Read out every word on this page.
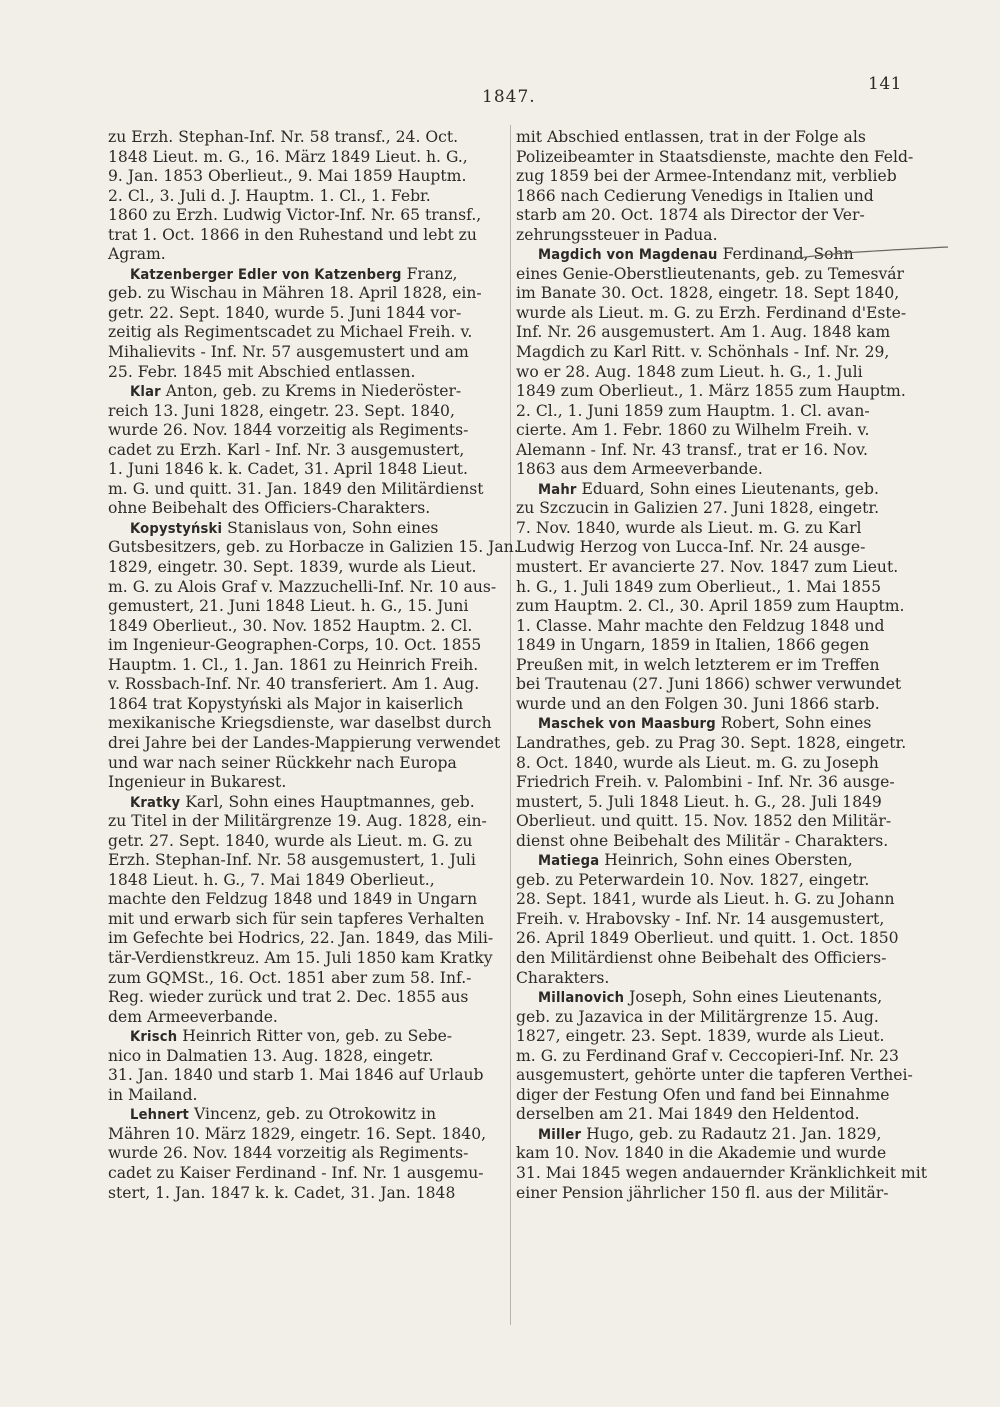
141
1847.
zu Erzh. Stephan-Inf. Nr. 58 transf., 24. Oct.
1848 Lieut. m. G., 16. März 1849 Lieut. h. G.,
9. Jan. 1853 Oberlieut., 9. Mai 1859 Hauptm.
2. Cl., 3. Juli d. J. Hauptm. 1. Cl., 1. Febr.
1860 zu Erzh. Ludwig Victor-Inf. Nr. 65 transf.,
trat 1. Oct. 1866 in den Ruhestand und lebt zu
Agram.
Katzenberger Edler von Katzenberg Franz,
geb. zu Wischau in Mähren 18. April 1828, ein-
getr. 22. Sept. 1840, wurde 5. Juni 1844 vor-
zeitig als Regimentscadet zu Michael Freih. v.
Mihalievits - Inf. Nr. 57 ausgemustert und am
25. Febr. 1845 mit Abschied entlassen.
Klar Anton, geb. zu Krems in Niederöster-
reich 13. Juni 1828, eingetr. 23. Sept. 1840,
wurde 26. Nov. 1844 vorzeitig als Regiments-
cadet zu Erzh. Karl - Inf. Nr. 3 ausgemustert,
1. Juni 1846 k. k. Cadet, 31. April 1848 Lieut.
m. G. und quitt. 31. Jan. 1849 den Militärdienst
ohne Beibehalt des Officiers-Charakters.
Kopystyński Stanislaus von, Sohn eines
Gutsbesitzers, geb. zu Horbacze in Galizien 15. Jan.
1829, eingetr. 30. Sept. 1839, wurde als Lieut.
m. G. zu Alois Graf v. Mazzuchelli-Inf. Nr. 10 aus-
gemustert, 21. Juni 1848 Lieut. h. G., 15. Juni
1849 Oberlieut., 30. Nov. 1852 Hauptm. 2. Cl.
im Ingenieur-Geographen-Corps, 10. Oct. 1855
Hauptm. 1. Cl., 1. Jan. 1861 zu Heinrich Freih.
v. Rossbach-Inf. Nr. 40 transferiert. Am 1. Aug.
1864 trat Kopystyński als Major in kaiserlich
mexikanische Kriegsdienste, war daselbst durch
drei Jahre bei der Landes-Mappierung verwendet
und war nach seiner Rückkehr nach Europa
Ingenieur in Bukarest.
Kratky Karl, Sohn eines Hauptmannes, geb.
zu Titel in der Militärgrenze 19. Aug. 1828, ein-
getr. 27. Sept. 1840, wurde als Lieut. m. G. zu
Erzh. Stephan-Inf. Nr. 58 ausgemustert, 1. Juli
1848 Lieut. h. G., 7. Mai 1849 Oberlieut.,
machte den Feldzug 1848 und 1849 in Ungarn
mit und erwarb sich für sein tapferes Verhalten
im Gefechte bei Hodrics, 22. Jan. 1849, das Mili-
tär-Verdienstkreuz. Am 15. Juli 1850 kam Kratky
zum GQMSt., 16. Oct. 1851 aber zum 58. Inf.-
Reg. wieder zurück und trat 2. Dec. 1855 aus
dem Armeeverbande.
Krisch Heinrich Ritter von, geb. zu Sebe-
nico in Dalmatien 13. Aug. 1828, eingetr.
31. Jan. 1840 und starb 1. Mai 1846 auf Urlaub
in Mailand.
Lehnert Vincenz, geb. zu Otrokowitz in
Mähren 10. März 1829, eingetr. 16. Sept. 1840,
wurde 26. Nov. 1844 vorzeitig als Regiments-
cadet zu Kaiser Ferdinand - Inf. Nr. 1 ausgemu-
stert, 1. Jan. 1847 k. k. Cadet, 31. Jan. 1848
mit Abschied entlassen, trat in der Folge als
Polizeibeamter in Staatsdienste, machte den Feld-
zug 1859 bei der Armee-Intendanz mit, verblieb
1866 nach Cedierung Venedigs in Italien und
starb am 20. Oct. 1874 als Director der Ver-
zehrungssteuer in Padua.
Magdich von Magdenau Ferdinand, Sohn
eines Genie-Oberstlieutenants, geb. zu Temesvár
im Banate 30. Oct. 1828, eingetr. 18. Sept 1840,
wurde als Lieut. m. G. zu Erzh. Ferdinand d'Este-
Inf. Nr. 26 ausgemustert. Am 1. Aug. 1848 kam
Magdich zu Karl Ritt. v. Schönhals - Inf. Nr. 29,
wo er 28. Aug. 1848 zum Lieut. h. G., 1. Juli
1849 zum Oberlieut., 1. März 1855 zum Hauptm.
2. Cl., 1. Juni 1859 zum Hauptm. 1. Cl. avan-
cierte. Am 1. Febr. 1860 zu Wilhelm Freih. v.
Alemann - Inf. Nr. 43 transf., trat er 16. Nov.
1863 aus dem Armeeverbande.
Mahr Eduard, Sohn eines Lieutenants, geb.
zu Szczucin in Galizien 27. Juni 1828, eingetr.
7. Nov. 1840, wurde als Lieut. m. G. zu Karl
Ludwig Herzog von Lucca-Inf. Nr. 24 ausge-
mustert. Er avancierte 27. Nov. 1847 zum Lieut.
h. G., 1. Juli 1849 zum Oberlieut., 1. Mai 1855
zum Hauptm. 2. Cl., 30. April 1859 zum Hauptm.
1. Classe. Mahr machte den Feldzug 1848 und
1849 in Ungarn, 1859 in Italien, 1866 gegen
Preußen mit, in welch letzterem er im Treffen
bei Trautenau (27. Juni 1866) schwer verwundet
wurde und an den Folgen 30. Juni 1866 starb.
Maschek von Maasburg Robert, Sohn eines
Landrathes, geb. zu Prag 30. Sept. 1828, eingetr.
8. Oct. 1840, wurde als Lieut. m. G. zu Joseph
Friedrich Freih. v. Palombini - Inf. Nr. 36 ausge-
mustert, 5. Juli 1848 Lieut. h. G., 28. Juli 1849
Oberlieut. und quitt. 15. Nov. 1852 den Militär-
dienst ohne Beibehalt des Militär - Charakters.
Matiega Heinrich, Sohn eines Obersten,
geb. zu Peterwardein 10. Nov. 1827, eingetr.
28. Sept. 1841, wurde als Lieut. h. G. zu Johann
Freih. v. Hrabovsky - Inf. Nr. 14 ausgemustert,
26. April 1849 Oberlieut. und quitt. 1. Oct. 1850
den Militärdienst ohne Beibehalt des Officiers-
Charakters.
Millanovich Joseph, Sohn eines Lieutenants,
geb. zu Jazavica in der Militärgrenze 15. Aug.
1827, eingetr. 23. Sept. 1839, wurde als Lieut.
m. G. zu Ferdinand Graf v. Ceccopieri-Inf. Nr. 23
ausgemustert, gehörte unter die tapferen Verthei-
diger der Festung Ofen und fand bei Einnahme
derselben am 21. Mai 1849 den Heldentod.
Miller Hugo, geb. zu Radautz 21. Jan. 1829,
kam 10. Nov. 1840 in die Akademie und wurde
31. Mai 1845 wegen andauernder Kränklichkeit mit
einer Pension jährlicher 150 fl. aus der Militär-
